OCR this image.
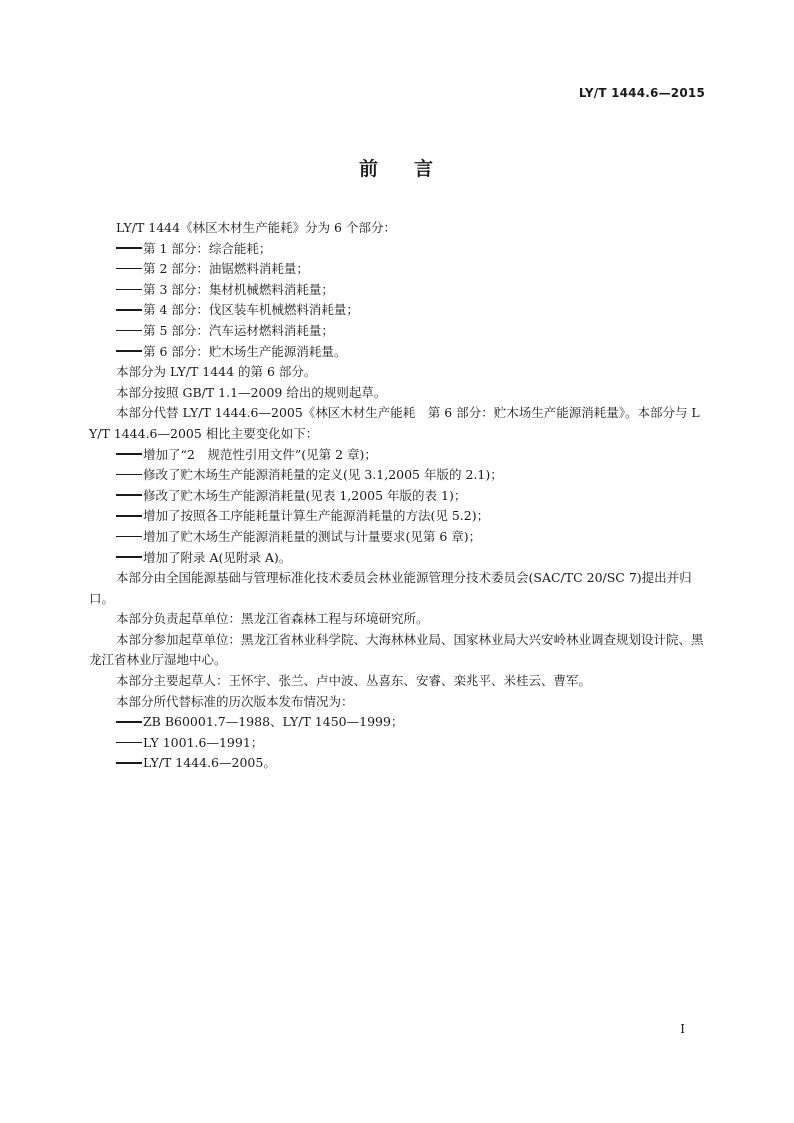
LY/T 1444.6—2015
前 言

LY/T 1444《林区木材生产能耗》分为 6 个部分：

第 1 部分：综合能耗；

第 2 部分：油锯燃料消耗量；

第 3 部分：集材机械燃料消耗量；

第 4 部分：伐区装车机械燃料消耗量；

第 5 部分：汽车运材燃料消耗量；

第 6 部分：贮木场生产能源消耗量。

本部分为 LY/T 1444 的第 6 部分。

本部分按照 GB/T 1.1—2009 给出的规则起草。

本部分代替 LY/T 1444.6—2005《林区木材生产能耗　第 6 部分：贮木场生产能源消耗量》。本部分与 LY/T 1444.6—2005 相比主要变化如下：

增加了“2　规范性引用文件”(见第 2 章)；

修改了贮木场生产能源消耗量的定义(见 3.1,2005 年版的 2.1)；

修改了贮木场生产能源消耗量(见表 1,2005 年版的表 1)；

增加了按照各工序能耗量计算生产能源消耗量的方法(见 5.2)；

增加了贮木场生产能源消耗量的测试与计量要求(见第 6 章)；

增加了附录 A(见附录 A)。

本部分由全国能源基础与管理标准化技术委员会林业能源管理分技术委员会(SAC/TC 20/SC 7)提出并归口。

本部分负责起草单位：黑龙江省森林工程与环境研究所。

本部分参加起草单位：黑龙江省林业科学院、大海林林业局、国家林业局大兴安岭林业调查规划设计院、黑龙江省林业厅湿地中心。

本部分主要起草人：王怀宇、张兰、卢中波、丛喜东、安睿、栾兆平、米桂云、曹军。

本部分所代替标准的历次版本发布情况为：

ZB B60001.7—1988、LY/T 1450—1999；

LY 1001.6—1991；

LY/T 1444.6—2005。

I
